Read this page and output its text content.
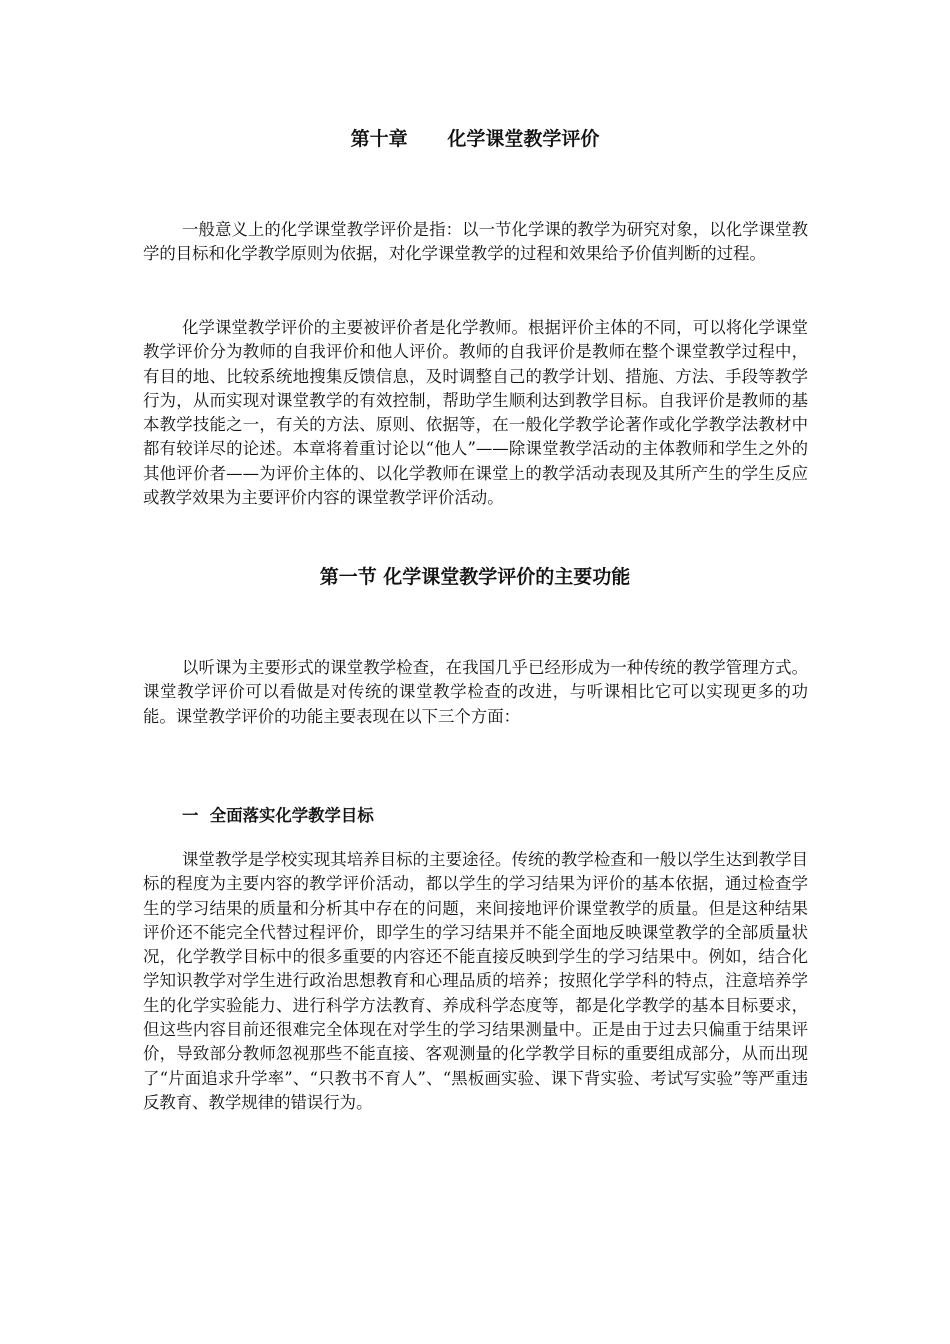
第十章      化学课堂教学评价

一般意义上的化学课堂教学评价是指：以一节化学课的教学为研究对象，以化学课堂教学的目标和化学教学原则为依据，对化学课堂教学的过程和效果给予价值判断的过程。

化学课堂教学评价的主要被评价者是化学教师。根据评价主体的不同，可以将化学课堂教学评价分为教师的自我评价和他人评价。教师的自我评价是教师在整个课堂教学过程中，有目的地、比较系统地搜集反馈信息，及时调整自己的教学计划、措施、方法、手段等教学行为，从而实现对课堂教学的有效控制，帮助学生顺利达到教学目标。自我评价是教师的基本教学技能之一，有关的方法、原则、依据等，在一般化学教学论著作或化学教学法教材中都有较详尽的论述。本章将着重讨论以“他人”——除课堂教学活动的主体教师和学生之外的其他评价者——为评价主体的、以化学教师在课堂上的教学活动表现及其所产生的学生反应或教学效果为主要评价内容的课堂教学评价活动。

第一节 化学课堂教学评价的主要功能

以听课为主要形式的课堂教学检查，在我国几乎已经形成为一种传统的教学管理方式。课堂教学评价可以看做是对传统的课堂教学检查的改进，与听课相比它可以实现更多的功能。课堂教学评价的功能主要表现在以下三个方面：

一  全面落实化学教学目标

课堂教学是学校实现其培养目标的主要途径。传统的教学检查和一般以学生达到教学目标的程度为主要内容的教学评价活动，都以学生的学习结果为评价的基本依据，通过检查学生的学习结果的质量和分析其中存在的问题，来间接地评价课堂教学的质量。但是这种结果评价还不能完全代替过程评价，即学生的学习结果并不能全面地反映课堂教学的全部质量状况，化学教学目标中的很多重要的内容还不能直接反映到学生的学习结果中。例如，结合化学知识教学对学生进行政治思想教育和心理品质的培养；按照化学学科的特点，注意培养学生的化学实验能力、进行科学方法教育、养成科学态度等，都是化学教学的基本目标要求，但这些内容目前还很难完全体现在对学生的学习结果测量中。正是由于过去只偏重于结果评价，导致部分教师忽视那些不能直接、客观测量的化学教学目标的重要组成部分，从而出现了“片面追求升学率”、“只教书不育人”、“黑板画实验、课下背实验、考试写实验”等严重违反教育、教学规律的错误行为。
